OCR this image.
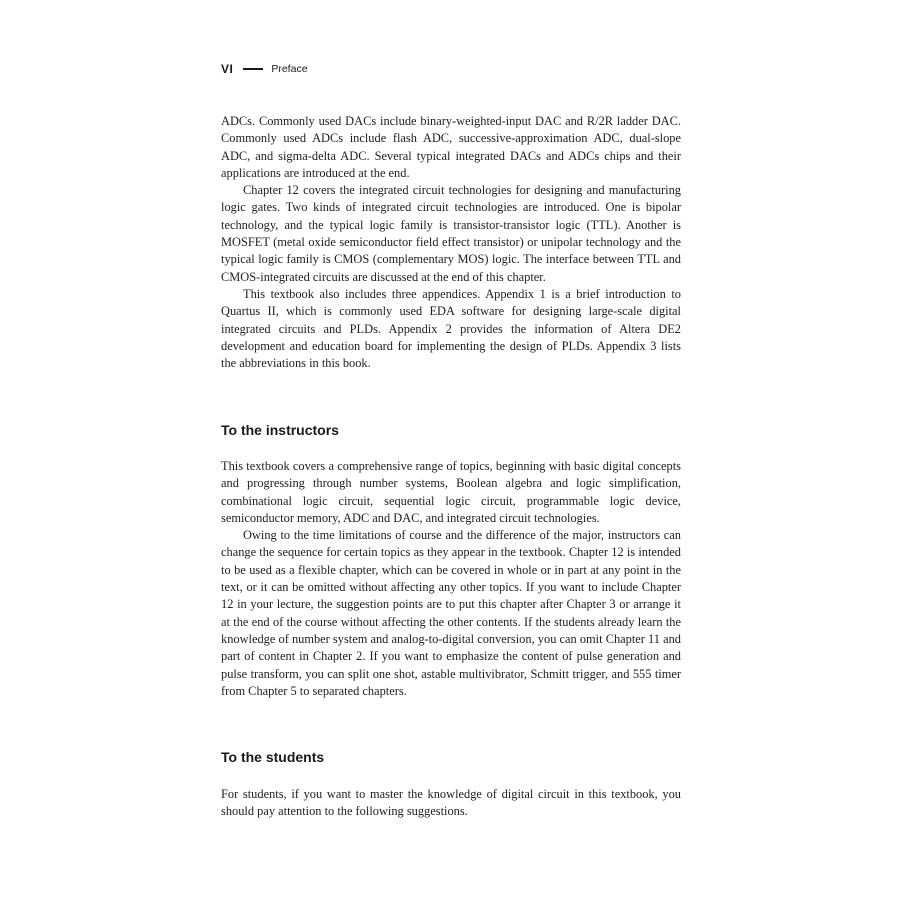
VI	Preface

ADCs. Commonly used DACs include binary-weighted-input DAC and R/2R ladder DAC. Commonly used ADCs include flash ADC, successive-approximation ADC, dual-slope ADC, and sigma-delta ADC. Several typical integrated DACs and ADCs chips and their applications are introduced at the end.

Chapter 12 covers the integrated circuit technologies for designing and manufacturing logic gates. Two kinds of integrated circuit technologies are introduced. One is bipolar technology, and the typical logic family is transistor-transistor logic (TTL). Another is MOSFET (metal oxide semiconductor field effect transistor) or unipolar technology and the typical logic family is CMOS (complementary MOS) logic. The interface between TTL and CMOS-integrated circuits are discussed at the end of this chapter.

This textbook also includes three appendices. Appendix 1 is a brief introduction to Quartus II, which is commonly used EDA software for designing large-scale digital integrated circuits and PLDs. Appendix 2 provides the information of Altera DE2 development and education board for implementing the design of PLDs. Appendix 3 lists the abbreviations in this book.

To the instructors

This textbook covers a comprehensive range of topics, beginning with basic digital concepts and progressing through number systems, Boolean algebra and logic simplification, combinational logic circuit, sequential logic circuit, programmable logic device, semiconductor memory, ADC and DAC, and integrated circuit technologies.

Owing to the time limitations of course and the difference of the major, instructors can change the sequence for certain topics as they appear in the textbook. Chapter 12 is intended to be used as a flexible chapter, which can be covered in whole or in part at any point in the text, or it can be omitted without affecting any other topics. If you want to include Chapter 12 in your lecture, the suggestion points are to put this chapter after Chapter 3 or arrange it at the end of the course without affecting the other contents. If the students already learn the knowledge of number system and analog-to-digital conversion, you can omit Chapter 11 and part of content in Chapter 2. If you want to emphasize the content of pulse generation and pulse transform, you can split one shot, astable multivibrator, Schmitt trigger, and 555 timer from Chapter 5 to separated chapters.

To the students

For students, if you want to master the knowledge of digital circuit in this textbook, you should pay attention to the following suggestions.
